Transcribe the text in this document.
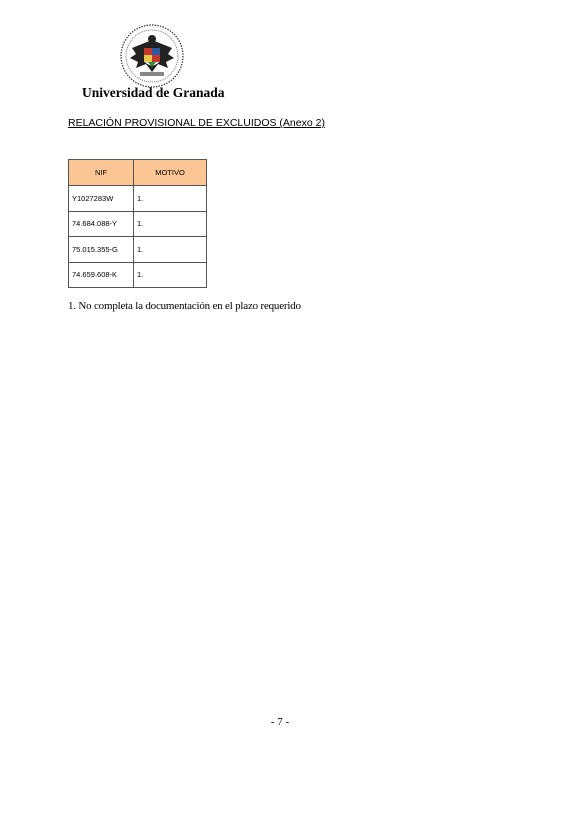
Universidad de Granada
RELACIÓN PROVISIONAL DE EXCLUIDOS (Anexo 2)
NIF	MOTIVO
Y1027283W	1.
74.684.088-Y	1.
75.015.355-G	1.
74.659.608-K	1.
1. No completa la documentación en el plazo requerido
- 7 -
